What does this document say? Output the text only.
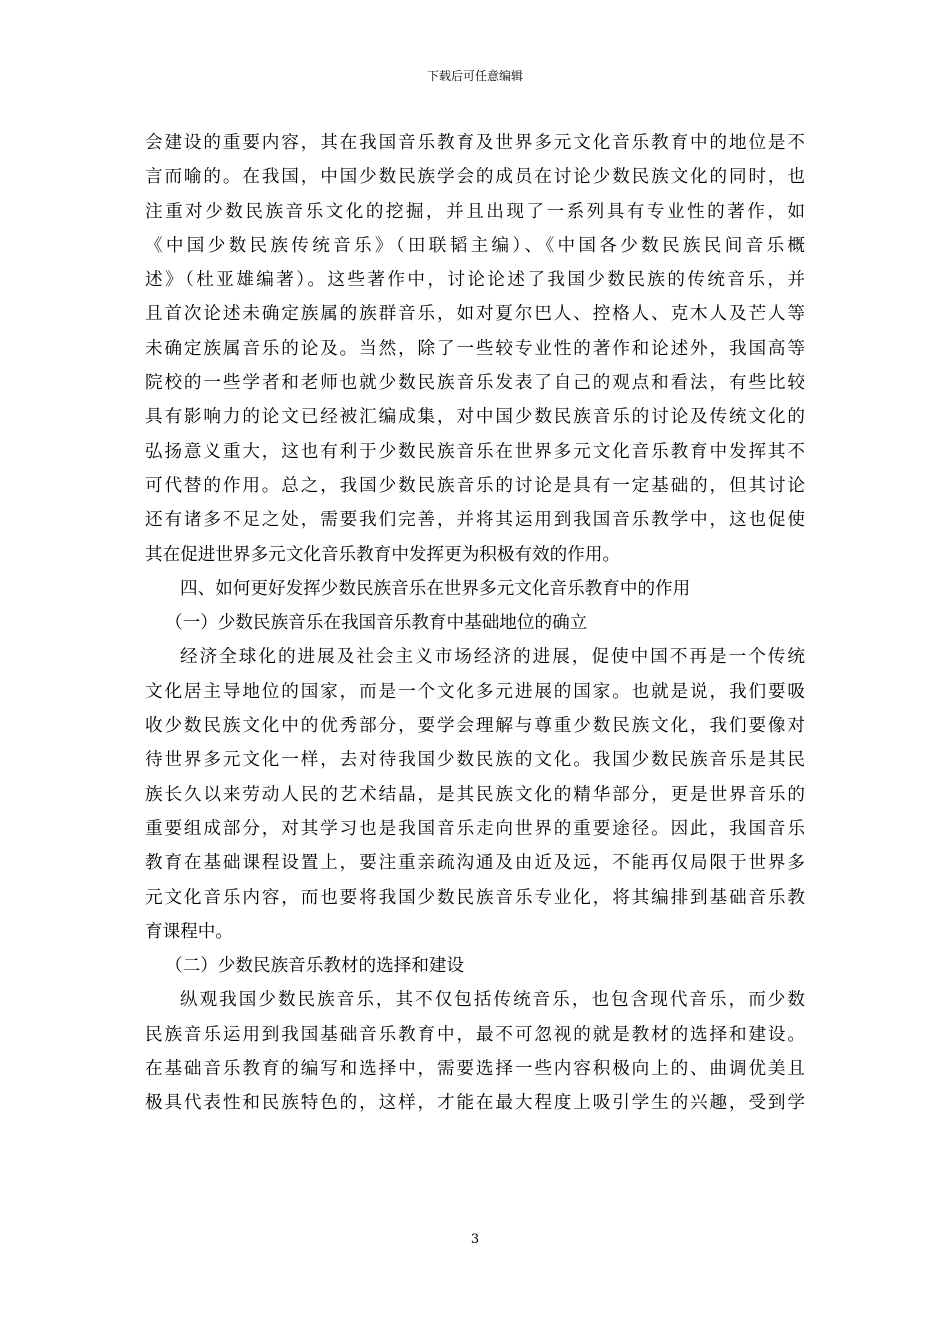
下载后可任意编辑
会建设的重要内容，其在我国音乐教育及世界多元文化音乐教育中的地位是不
言而喻的。在我国，中国少数民族学会的成员在讨论少数民族文化的同时，也
注重对少数民族音乐文化的挖掘，并且出现了一系列具有专业性的著作，如
《中国少数民族传统音乐》（田联韬主编）、《中国各少数民族民间音乐概
述》（杜亚雄编著）。这些著作中，讨论论述了我国少数民族的传统音乐，并
且首次论述未确定族属的族群音乐，如对夏尔巴人、控格人、克木人及芒人等
未确定族属音乐的论及。当然，除了一些较专业性的著作和论述外，我国高等
院校的一些学者和老师也就少数民族音乐发表了自己的观点和看法，有些比较
具有影响力的论文已经被汇编成集，对中国少数民族音乐的讨论及传统文化的
弘扬意义重大，这也有利于少数民族音乐在世界多元文化音乐教育中发挥其不
可代替的作用。总之，我国少数民族音乐的讨论是具有一定基础的，但其讨论
还有诸多不足之处，需要我们完善，并将其运用到我国音乐教学中，这也促使
其在促进世界多元文化音乐教育中发挥更为积极有效的作用。
四、如何更好发挥少数民族音乐在世界多元文化音乐教育中的作用
（一）少数民族音乐在我国音乐教育中基础地位的确立
经济全球化的进展及社会主义市场经济的进展，促使中国不再是一个传统
文化居主导地位的国家，而是一个文化多元进展的国家。也就是说，我们要吸
收少数民族文化中的优秀部分，要学会理解与尊重少数民族文化，我们要像对
待世界多元文化一样，去对待我国少数民族的文化。我国少数民族音乐是其民
族长久以来劳动人民的艺术结晶，是其民族文化的精华部分，更是世界音乐的
重要组成部分，对其学习也是我国音乐走向世界的重要途径。因此，我国音乐
教育在基础课程设置上，要注重亲疏沟通及由近及远，不能再仅局限于世界多
元文化音乐内容，而也要将我国少数民族音乐专业化，将其编排到基础音乐教
育课程中。
（二）少数民族音乐教材的选择和建设
纵观我国少数民族音乐，其不仅包括传统音乐，也包含现代音乐，而少数
民族音乐运用到我国基础音乐教育中，最不可忽视的就是教材的选择和建设。
在基础音乐教育的编写和选择中，需要选择一些内容积极向上的、曲调优美且
极具代表性和民族特色的，这样，才能在最大程度上吸引学生的兴趣，受到学
3
